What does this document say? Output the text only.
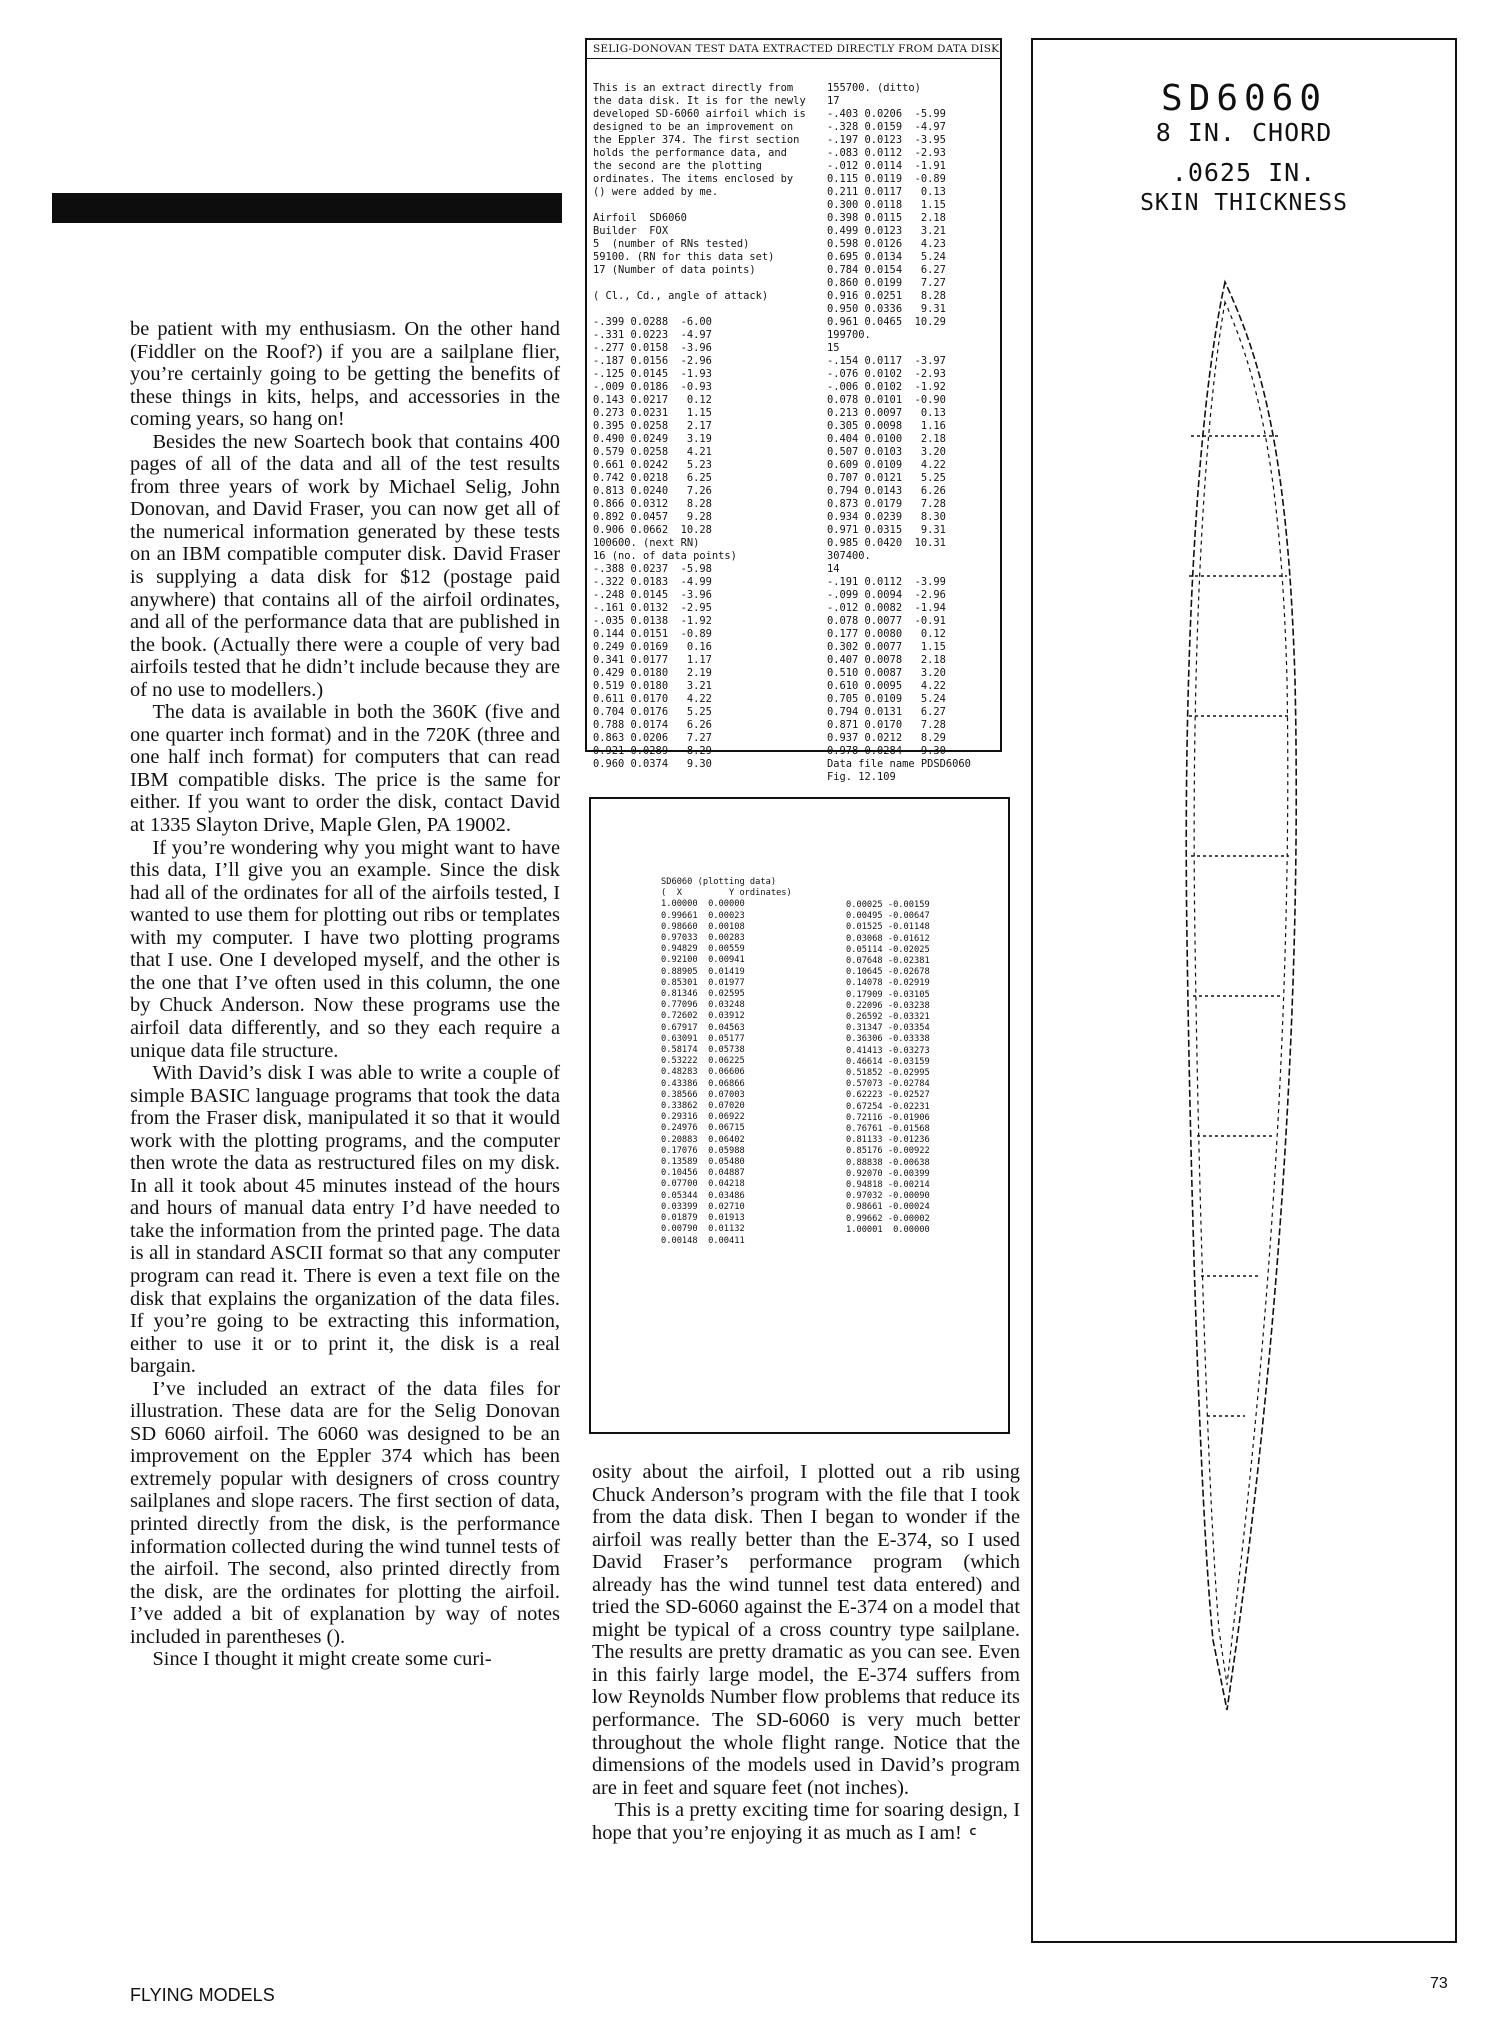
be patient with my enthusiasm. On the other hand (Fiddler on the Roof?) if you are a sailplane flier, you’re certainly going to be getting the benefits of these things in kits, helps, and accessories in the coming years, so hang on!

Besides the new Soartech book that contains 400 pages of all of the data and all of the test results from three years of work by Michael Selig, John Donovan, and David Fraser, you can now get all of the numerical information generated by these tests on an IBM compatible computer disk. David Fraser is supplying a data disk for $12 (postage paid anywhere) that contains all of the airfoil ordinates, and all of the performance data that are published in the book. (Actually there were a couple of very bad airfoils tested that he didn’t include because they are of no use to modellers.)

The data is available in both the 360K (five and one quarter inch format) and in the 720K (three and one half inch format) for computers that can read IBM compatible disks. The price is the same for either. If you want to order the disk, contact David at 1335 Slayton Drive, Maple Glen, PA 19002.

If you’re wondering why you might want to have this data, I’ll give you an example. Since the disk had all of the ordinates for all of the airfoils tested, I wanted to use them for plotting out ribs or templates with my computer. I have two plotting programs that I use. One I developed myself, and the other is the one that I’ve often used in this column, the one by Chuck Anderson. Now these programs use the airfoil data differently, and so they each require a unique data file structure.

With David’s disk I was able to write a couple of simple BASIC language programs that took the data from the Fraser disk, manipulated it so that it would work with the plotting programs, and the computer then wrote the data as restructured files on my disk. In all it took about 45 minutes instead of the hours and hours of manual data entry I’d have needed to take the information from the printed page. The data is all in standard ASCII format so that any computer program can read it. There is even a text file on the disk that explains the organization of the data files. If you’re going to be extracting this information, either to use it or to print it, the disk is a real bargain.

I’ve included an extract of the data files for illustration. These data are for the Selig Donovan SD 6060 airfoil. The 6060 was designed to be an improvement on the Eppler 374 which has been extremely popular with designers of cross country sailplanes and slope racers. The first section of data, printed directly from the disk, is the performance information collected during the wind tunnel tests of the airfoil. The second, also printed directly from the disk, are the ordinates for plotting the airfoil. I’ve added a bit of explanation by way of notes included in parentheses ().

Since I thought it might create some curi-

SELIG-DONOVAN TEST DATA EXTRACTED DIRECTLY FROM DATA DISK
This is an extract directly from
the data disk. It is for the newly
developed SD-6060 airfoil which is
designed to be an improvement on
the Eppler 374. The first section
holds the performance data, and
the second are the plotting
ordinates. The items enclosed by
() were added by me.

Airfoil  SD6060
Builder  FOX
5  (number of RNs tested)
59100. (RN for this data set)
17 (Number of data points)

( Cl., Cd., angle of attack)

-.399 0.0288  -6.00
-.331 0.0223  -4.97
-.277 0.0158  -3.96
-.187 0.0156  -2.96
-.125 0.0145  -1.93
-.009 0.0186  -0.93
0.143 0.0217   0.12
0.273 0.0231   1.15
0.395 0.0258   2.17
0.490 0.0249   3.19
0.579 0.0258   4.21
0.661 0.0242   5.23
0.742 0.0218   6.25
0.813 0.0240   7.26
0.866 0.0312   8.28
0.892 0.0457   9.28
0.906 0.0662  10.28
100600. (next RN)
16 (no. of data points)
-.388 0.0237  -5.98
-.322 0.0183  -4.99
-.248 0.0145  -3.96
-.161 0.0132  -2.95
-.035 0.0138  -1.92
0.144 0.0151  -0.89
0.249 0.0169   0.16
0.341 0.0177   1.17
0.429 0.0180   2.19
0.519 0.0180   3.21
0.611 0.0170   4.22
0.704 0.0176   5.25
0.788 0.0174   6.26
0.863 0.0206   7.27
0.921 0.0289   8.29
0.960 0.0374   9.30
155700. (ditto)
17
-.403 0.0206  -5.99
-.328 0.0159  -4.97
-.197 0.0123  -3.95
-.083 0.0112  -2.93
-.012 0.0114  -1.91
0.115 0.0119  -0.89
0.211 0.0117   0.13
0.300 0.0118   1.15
0.398 0.0115   2.18
0.499 0.0123   3.21
0.598 0.0126   4.23
0.695 0.0134   5.24
0.784 0.0154   6.27
0.860 0.0199   7.27
0.916 0.0251   8.28
0.950 0.0336   9.31
0.961 0.0465  10.29
199700.
15
-.154 0.0117  -3.97
-.076 0.0102  -2.93
-.006 0.0102  -1.92
0.078 0.0101  -0.90
0.213 0.0097   0.13
0.305 0.0098   1.16
0.404 0.0100   2.18
0.507 0.0103   3.20
0.609 0.0109   4.22
0.707 0.0121   5.25
0.794 0.0143   6.26
0.873 0.0179   7.28
0.934 0.0239   8.30
0.971 0.0315   9.31
0.985 0.0420  10.31
307400.
14
-.191 0.0112  -3.99
-.099 0.0094  -2.96
-.012 0.0082  -1.94
0.078 0.0077  -0.91
0.177 0.0080   0.12
0.302 0.0077   1.15
0.407 0.0078   2.18
0.510 0.0087   3.20
0.610 0.0095   4.22
0.705 0.0109   5.24
0.794 0.0131   6.27
0.871 0.0170   7.28
0.937 0.0212   8.29
0.978 0.0284   9.30
Data file name PDSD6060
Fig. 12.109
SD6060 (plotting data)
(  X         Y ordinates)
1.00000  0.00000
0.99661  0.00023
0.98660  0.00108
0.97033  0.00283
0.94829  0.00559
0.92100  0.00941
0.88905  0.01419
0.85301  0.01977
0.81346  0.02595
0.77096  0.03248
0.72602  0.03912
0.67917  0.04563
0.63091  0.05177
0.58174  0.05738
0.53222  0.06225
0.48283  0.06606
0.43386  0.06866
0.38566  0.07003
0.33862  0.07020
0.29316  0.06922
0.24976  0.06715
0.20883  0.06402
0.17076  0.05988
0.13589  0.05480
0.10456  0.04887
0.07700  0.04218
0.05344  0.03486
0.03399  0.02710
0.01879  0.01913
0.00790  0.01132
0.00148  0.00411
0.00025 -0.00159
0.00495 -0.00647
0.01525 -0.01148
0.03068 -0.01612
0.05114 -0.02025
0.07648 -0.02381
0.10645 -0.02678
0.14078 -0.02919
0.17909 -0.03105
0.22096 -0.03238
0.26592 -0.03321
0.31347 -0.03354
0.36306 -0.03338
0.41413 -0.03273
0.46614 -0.03159
0.51852 -0.02995
0.57073 -0.02784
0.62223 -0.02527
0.67254 -0.02231
0.72116 -0.01906
0.76761 -0.01568
0.81133 -0.01236
0.85176 -0.00922
0.88838 -0.00638
0.92070 -0.00399
0.94818 -0.00214
0.97032 -0.00090
0.98661 -0.00024
0.99662 -0.00002
1.00001  0.00000

osity about the airfoil, I plotted out a rib using Chuck Anderson’s program with the file that I took from the data disk. Then I began to wonder if the airfoil was really better than the E-374, so I used David Fraser’s performance program (which already has the wind tunnel test data entered) and tried the SD-6060 against the E-374 on a model that might be typical of a cross country type sailplane. The results are pretty dramatic as you can see. Even in this fairly large model, the E-374 suffers from low Reynolds Number flow problems that reduce its performance. The SD-6060 is very much better throughout the whole flight range. Notice that the dimensions of the models used in David’s program are in feet and square feet (not inches).

This is a pretty exciting time for soaring design, I hope that you’re enjoying it as much as I am! ꟲ

SD6060
8 IN. CHORD
.0625 IN.
SKIN THICKNESS
FLYING MODELS
73
